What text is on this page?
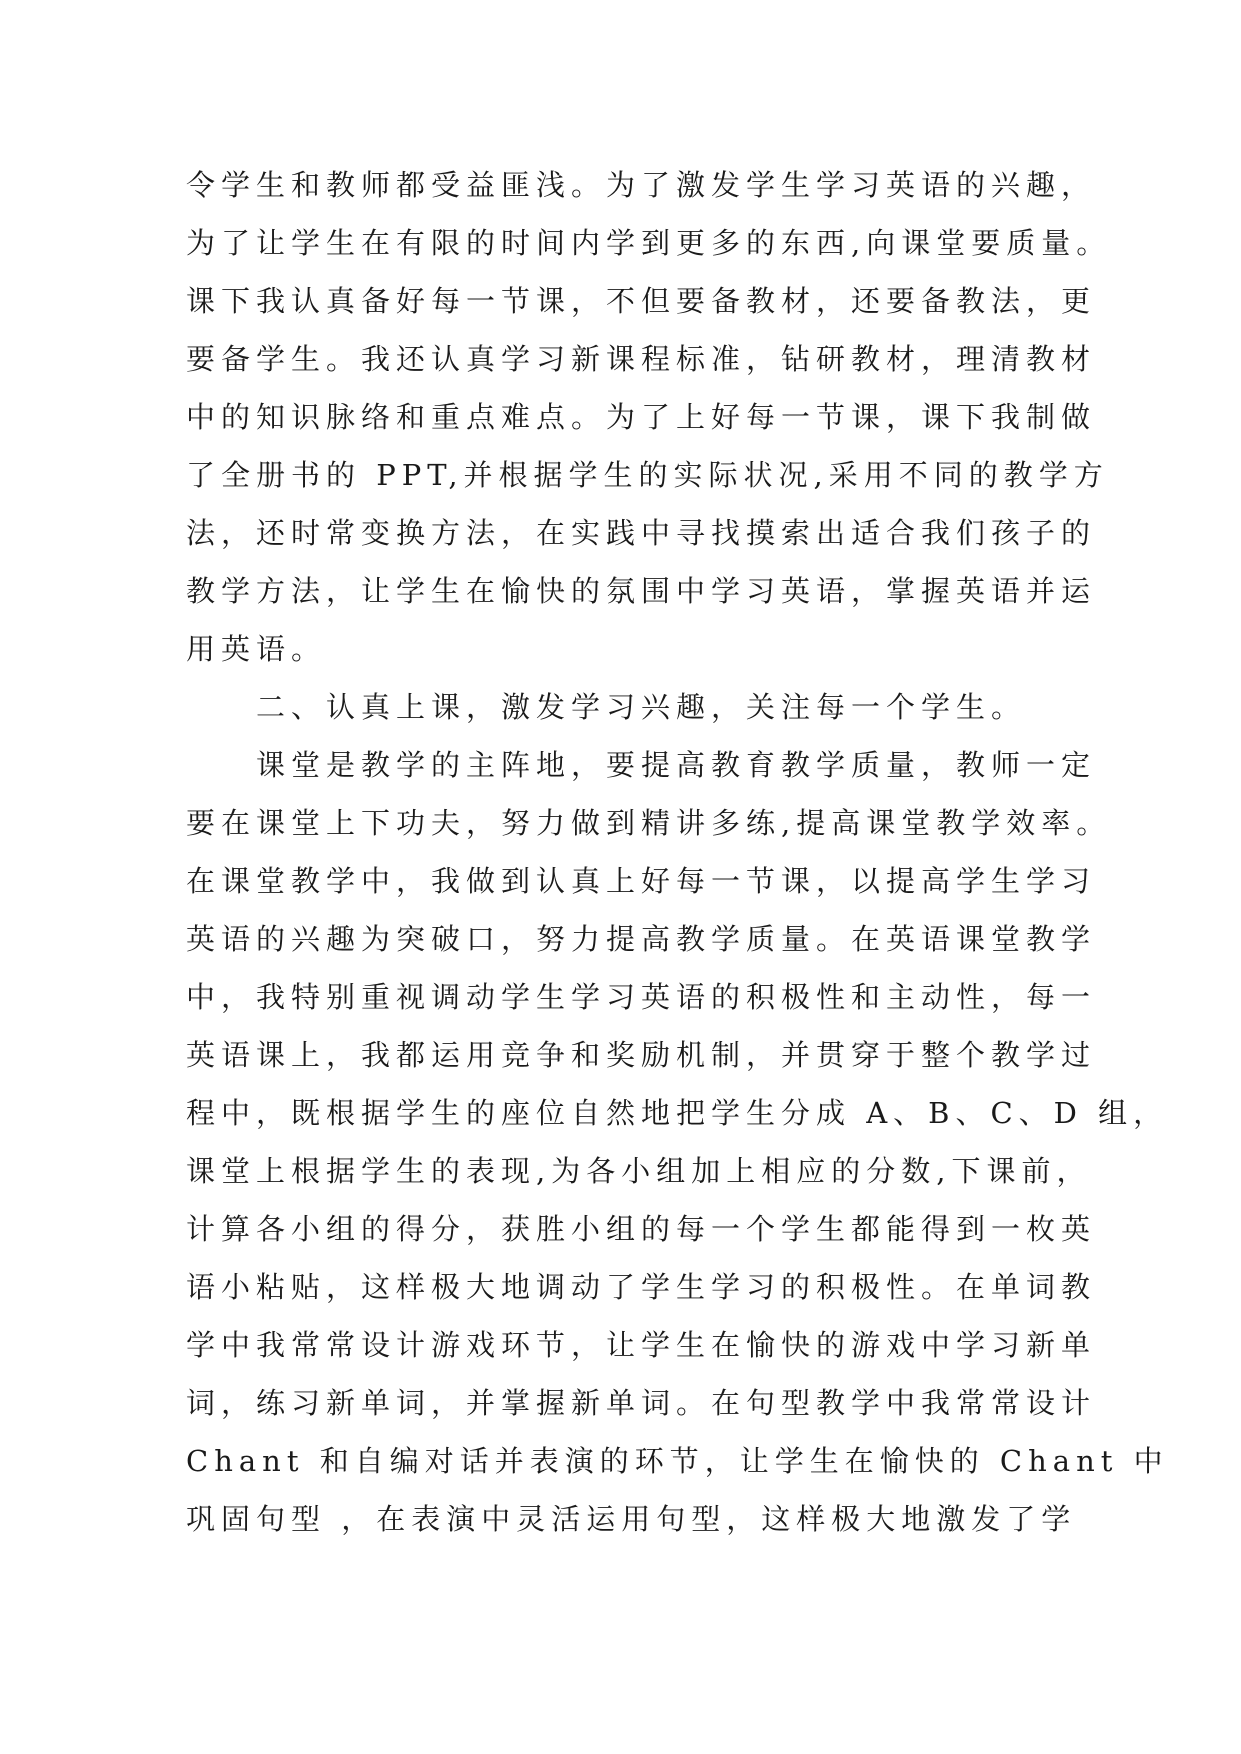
令学生和教师都受益匪浅。为了激发学生学习英语的兴趣，
为了让学生在有限的时间内学到更多的东西,向课堂要质量。
课下我认真备好每一节课，不但要备教材，还要备教法，更
要备学生。我还认真学习新课程标准，钻研教材，理清教材
中的知识脉络和重点难点。为了上好每一节课，课下我制做
了全册书的 PPT,并根据学生的实际状况,采用不同的教学方
法，还时常变换方法，在实践中寻找摸索出适合我们孩子的
教学方法，让学生在愉快的氛围中学习英语，掌握英语并运
用英语。
二、认真上课，激发学习兴趣，关注每一个学生。
课堂是教学的主阵地，要提高教育教学质量，教师一定
要在课堂上下功夫，努力做到精讲多练,提高课堂教学效率。
在课堂教学中，我做到认真上好每一节课，以提高学生学习
英语的兴趣为突破口，努力提高教学质量。在英语课堂教学
中，我特别重视调动学生学习英语的积极性和主动性，每一
英语课上，我都运用竞争和奖励机制，并贯穿于整个教学过
程中，既根据学生的座位自然地把学生分成 A、B、C、D 组，
课堂上根据学生的表现,为各小组加上相应的分数,下课前，
计算各小组的得分，获胜小组的每一个学生都能得到一枚英
语小粘贴，这样极大地调动了学生学习的积极性。在单词教
学中我常常设计游戏环节，让学生在愉快的游戏中学习新单
词，练习新单词，并掌握新单词。在句型教学中我常常设计
Chant 和自编对话并表演的环节，让学生在愉快的 Chant 中
巩固句型 ，在表演中灵活运用句型，这样极大地激发了学
